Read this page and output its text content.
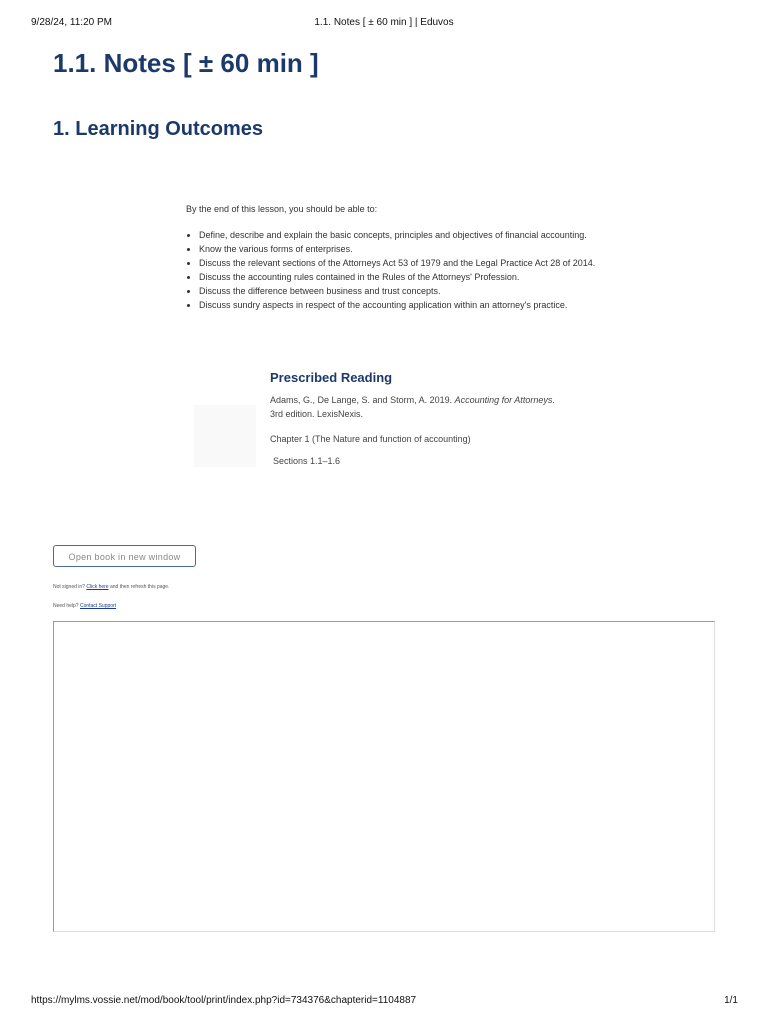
9/28/24, 11:20 PM	1.1. Notes [ ± 60 min ] | Eduvos
1.1. Notes [ ± 60 min ]
1. Learning Outcomes
By the end of this lesson, you should be able to:
• Define, describe and explain the basic concepts, principles and objectives of financial accounting.
• Know the various forms of enterprises.
• Discuss the relevant sections of the Attorneys Act 53 of 1979 and the Legal Practice Act 28 of 2014.
• Discuss the accounting rules contained in the Rules of the Attorneys' Profession.
• Discuss the difference between business and trust concepts.
• Discuss sundry aspects in respect of the accounting application within an attorney's practice.
Prescribed Reading

Adams, G., De Lange, S. and Storm, A. 2019. Accounting for Attorneys.
3rd edition. LexisNexis.

Chapter 1 (The Nature and function of accounting)

Sections 1.1–1.6

Open book in new window
Not signed in? Click here and then refresh this page.
Need help? Contact Support
https://mylms.vossie.net/mod/book/tool/print/index.php?id=734376&chapterid=1104887	1/1
